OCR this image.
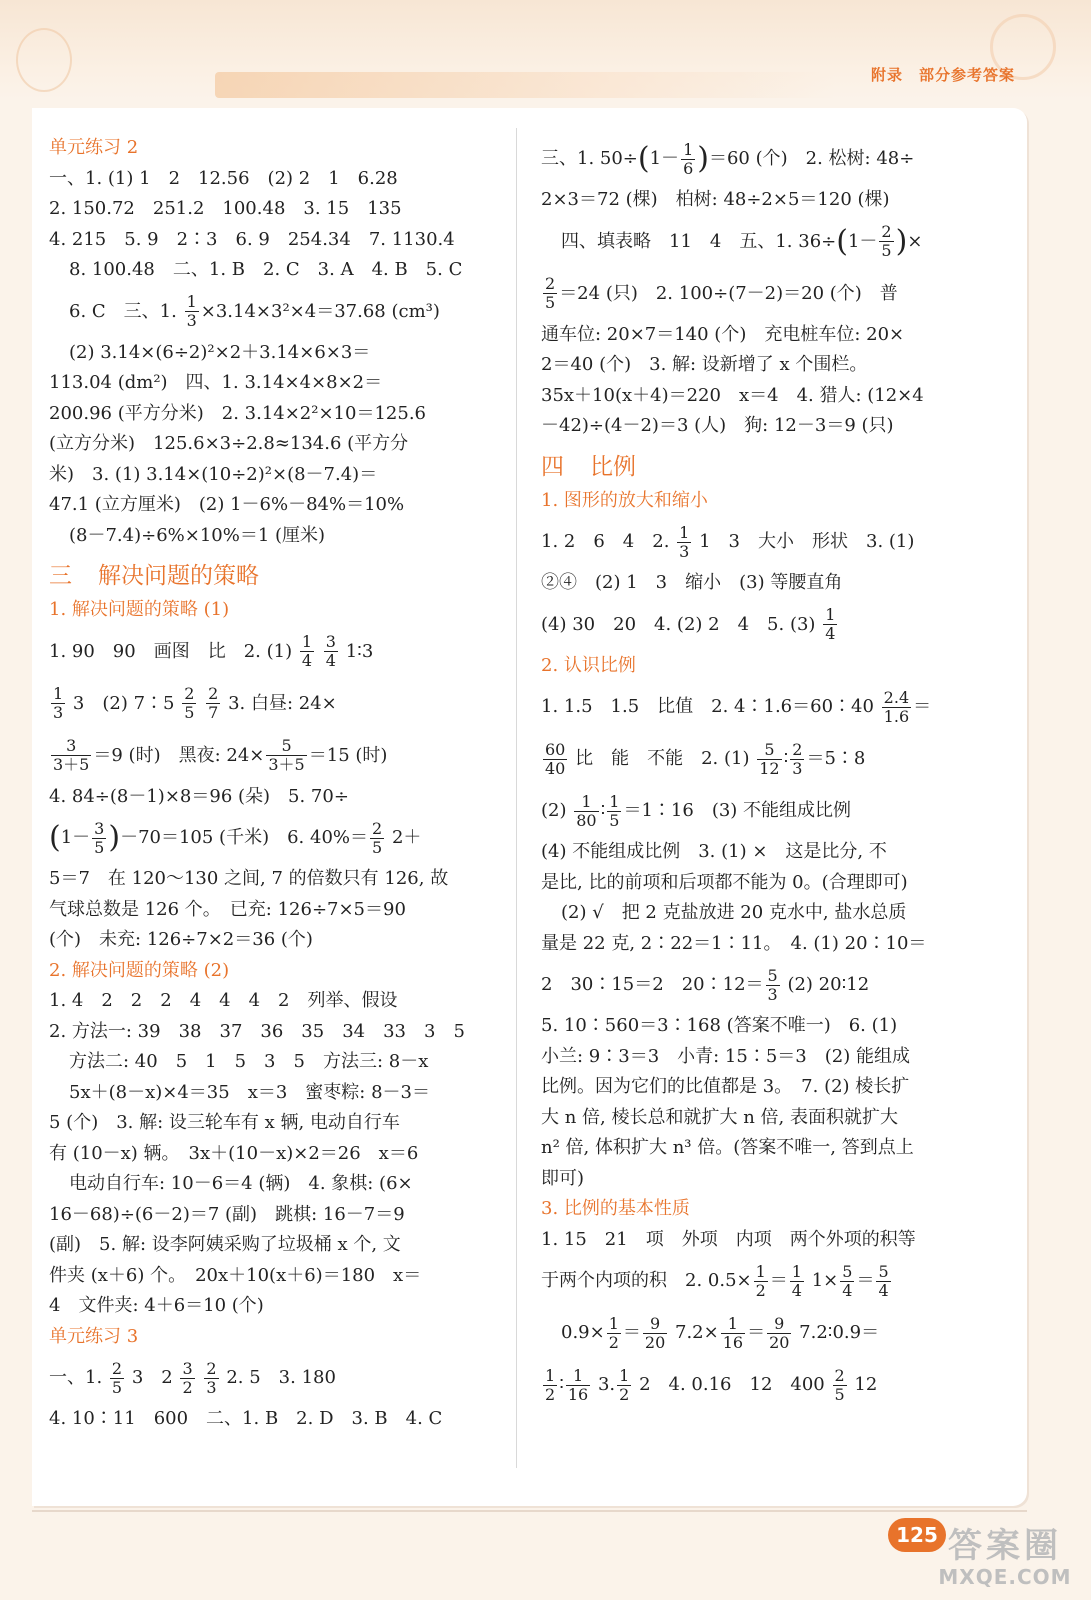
附录 部分参考答案
单元练习 2
一、1. (1) 1　2　12.56　(2) 2　1　6.28
2. 150.72　251.2　100.48　3. 15　135
4. 215　5. 9　2∶3　6. 9　254.34　7. 1130.4
8. 100.48　二、1. B　2. C　3. A　4. B　5. C
6. C　三、1. $\frac{1}{3} \times 3.14\times 3^2\times 4=37.68$ (cm³)
(2) 3.14×(6÷2)²×2＋3.14×6×3＝
113.04 (dm²)　四、1. 3.14×4×8×2＝
200.96 (平方分米)　2. 3.14×2²×10＝125.6
(立方分米)　125.6×3÷2.8≈134.6 (平方分
米)　3. (1) 3.14×(10÷2)²×(8－7.4)＝
47.1 (立方厘米)　(2) 1－6%－84%＝10%
(8－7.4)÷6%×10%＝1 (厘米)
三 解决问题的策略
1. 解决问题的策略 (1)
1. 90　90　画图　比　2. $(1) \frac{1}{4}$
$\frac{3}{4}$ 1∶3
$\frac{1}{3} 3$　(2) 7∶5 $\frac{2}{5}$
$\frac{2}{7} 3$. 白昼: 24×
$\frac{3}{3+5} =9$ (时)　黑夜: $24\times \frac{5}{3+5} =15$ (时)
4. 84÷(8－1)×8＝96 (朵)　5. 70÷
$(1- \frac{3}{5} )-70=105$ (千米)　6. $40\%= \frac{2}{5} 2+$
5＝7　在 120～130 之间, 7 的倍数只有 126, 故
气球总数是 126 个。　已充: 126÷7×5＝90
(个)　未充: 126÷7×2＝36 (个)
2. 解决问题的策略 (2)
1. 4　2　2　2　4　4　4　2　列举、假设
2. 方法一: 39　38　37　36　35　34　33　3　5
方法二: 40　5　1　5　3　5　方法三: 8－x
5x＋(8－x)×4＝35　x＝3　蜜枣粽: 8－3＝
5 (个)　3. 解: 设三轮车有 x 辆, 电动自行车
有 (10－x) 辆。　3x＋(10－x)×2＝26　x＝6
电动自行车: 10－6＝4 (辆)　4. 象棋: (6×
16－68)÷(6－2)＝7 (副)　跳棋: 16－7＝9
(副)　5. 解: 设李阿姨采购了垃圾桶 x 个, 文
件夹 (x＋6) 个。　20x＋10(x＋6)＝180　x＝
4　文件夹: 4＋6＝10 (个)
单元练习 3
一、1. $\frac{2}{5} 3$　$2 \frac{3}{2}$
$\frac{2}{3} 2$. 5　3. 180
4. 10∶11　600　二、1. B　2. D　3. B　4. C
三、1. $50\div(1- \frac{1}{6} )=60$ (个)　2. 松树: 48÷
2×3＝72 (棵)　柏树: 48÷2×5＝120 (棵)
四、填表略　11　4　五、1. $36\div(1- \frac{2}{5}$ )×
$\frac{2}{5} =24$ (只)　2. 100÷(7－2)＝20 (个)　普
通车位: 20×7＝140 (个)　充电桩车位: 20×
2＝40 (个)　3. 解: 设新增了 x 个围栏。
35x＋10(x＋4)＝220　x＝4　4. 猎人: (12×4
－42)÷(4－2)＝3 (人)　狗: 12－3＝9 (只)
四 比例
1. 图形的放大和缩小
1. 2　6　4　2. $\frac{1}{3} 1$　3　大小　形状　3. (1)
②④　(2) 1　3　缩小　(3) 等腰直角
(4) 30　20　4. (2) 2　4　5. $(3) \frac{1}{4}$
2. 认识比例
1. 1.5　1.5　比值　2. 4∶1.6＝60∶40 $\frac{2.4}{1.6}$ ＝
$\frac{60}{40}$ 比　能　不能　2. $(1) \frac{5}{12}$ ∶ $\frac{2}{3}$ ＝5∶8
$(2) \frac{1}{80}$ ∶ $\frac{1}{5}$ ＝1∶16　(3) 不能组成比例
(4) 不能组成比例　3. (1) ×　这是比分, 不
是比, 比的前项和后项都不能为 0。(合理即可)
(2) √　把 2 克盐放进 20 克水中, 盐水总质
量是 22 克, 2∶22＝1∶11。　4. (1) 20∶10＝
2　30∶15＝2　20∶12＝ $\frac{5}{3} (2)$ 20∶12
5. 10∶560＝3∶168 (答案不唯一)　6. (1)
小兰: 9∶3＝3　小青: 15∶5＝3　(2) 能组成
比例。因为它们的比值都是 3。　7. (2) 棱长扩
大 n 倍, 棱长总和就扩大 n 倍, 表面积就扩大
n² 倍, 体积扩大 n³ 倍。(答案不唯一, 答到点上
即可)
3. 比例的基本性质
1. 15　21　项　外项　内项　两个外项的积等
于两个内项的积　2. $0.5\times \frac{1}{2} = \frac{1}{4} 1\times \frac{5}{4} = \frac{5}{4}$
$0.9\times \frac{1}{2} = \frac{9}{20} 7.2\times \frac{1}{16} = \frac{9}{20}$ 7.2∶0.9＝
$\frac{1}{2}$ ∶ $\frac{1}{16} 3$. $\frac{1}{2} 2$　4. 0.16　12　$400 \frac{2}{5} 12$
125 答案圈
MXQE.COM
